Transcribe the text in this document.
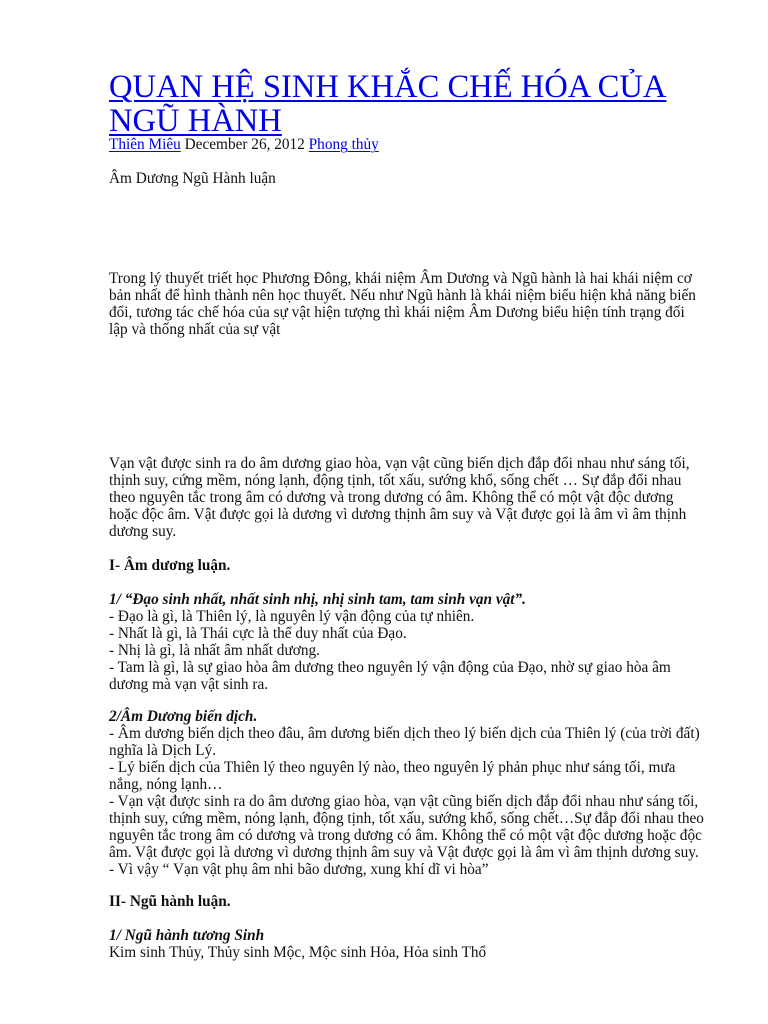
QUAN HỆ SINH KHẮC CHẾ HÓA CỦA
NGŨ HÀNH
Thiên Miêu December 26, 2012 Phong thủy
Âm Dương Ngũ Hành luận
Trong lý thuyết triết học Phương Đông, khái niệm Âm Dương và Ngũ hành là hai khái niệm cơ
bản nhất để hình thành nên học thuyết. Nếu như Ngũ hành là khái niệm biểu hiện khả năng biến
đổi, tương tác chế hóa của sự vật hiện tượng thì khái niệm Âm Dương biểu hiện tính trạng đối
lập và thống nhất của sự vật
Vạn vật được sinh ra do âm dương giao hòa, vạn vật cũng biến dịch đắp đổi nhau như sáng tối,
thịnh suy, cứng mềm, nóng lạnh, động tịnh, tốt xấu, sướng khổ, sống chết … Sự đắp đổi nhau
theo nguyên tắc trong âm có dương và trong dương có âm. Không thể có một vật độc dương
hoặc độc âm. Vật được gọi là dương vì dương thịnh âm suy và Vật được gọi là âm vì âm thịnh
dương suy.
I- Âm dương luận.
1/ “Đạo sinh nhất, nhất sinh nhị, nhị sinh tam, tam sinh vạn vật”.
- Đạo là gì, là Thiên lý, là nguyên lý vận động của tự nhiên.
- Nhất là gì, là Thái cực là thể duy nhất của Đạo.
- Nhị là gì, là nhất âm nhất dương.
- Tam là gì, là sự giao hòa âm dương theo nguyên lý vận động của Đạo, nhờ sự giao hòa âm
dương mà vạn vật sinh ra.
2/Âm Dương biến dịch.
- Âm dương biến dịch theo đâu, âm dương biến dịch theo lý biến dịch của Thiên lý (của trời đất)
nghĩa là Dịch Lý.
- Lý biến dịch của Thiên lý theo nguyên lý nào, theo nguyên lý phản phục như sáng tối, mưa
nắng, nóng lạnh…
- Vạn vật được sinh ra do âm dương giao hòa, vạn vật cũng biến dịch đắp đổi nhau như sáng tối,
thịnh suy, cứng mềm, nóng lạnh, động tịnh, tốt xấu, sướng khổ, sống chết…Sự đắp đổi nhau theo
nguyên tắc trong âm có dương và trong dương có âm. Không thể có một vật độc dương hoặc độc
âm. Vật được gọi là dương vì dương thịnh âm suy và Vật được gọi là âm vì âm thịnh dương suy.
- Vì vậy “ Vạn vật phụ âm nhi bão dương, xung khí dĩ vi hòa”
II- Ngũ hành luận.
1/ Ngũ hành tương Sinh
Kim sinh Thủy, Thủy sinh Mộc, Mộc sinh Hỏa, Hỏa sinh Thổ
